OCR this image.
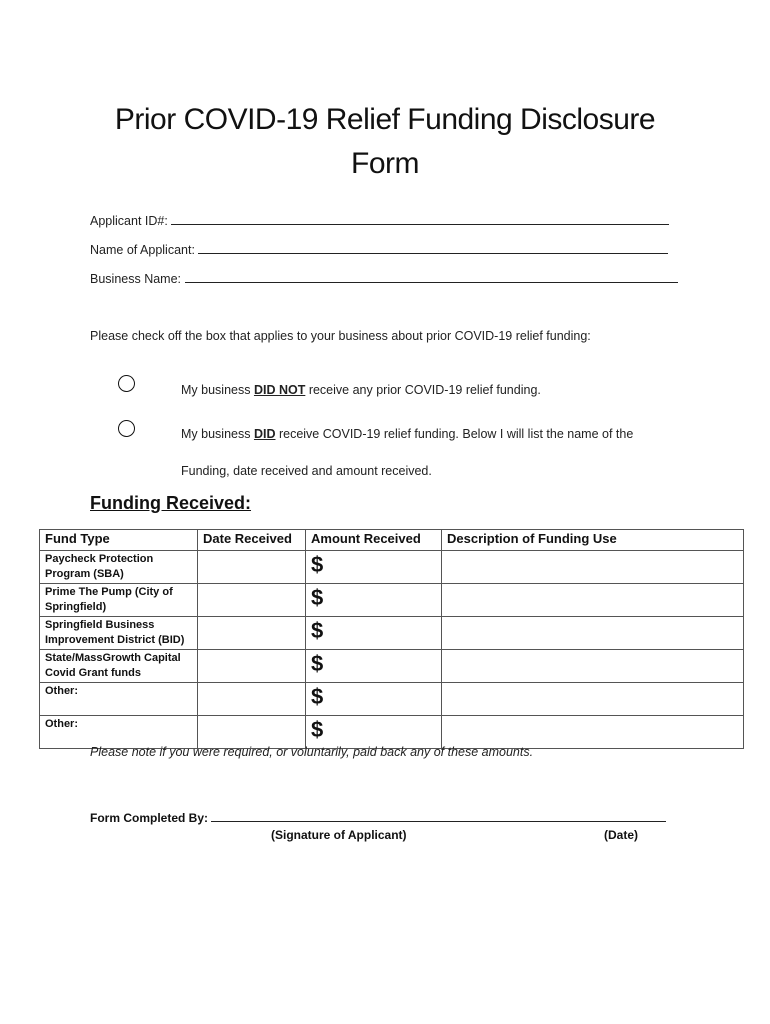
Prior COVID-19 Relief Funding Disclosure
Form
Applicant ID#:
Name of Applicant:
Business Name:
Please check off the box that applies to your business about prior COVID-19 relief funding:
My business DID NOT receive any prior COVID-19 relief funding.
My business DID receive COVID-19 relief funding. Below I will list the name of the
Funding, date received and amount received.
Funding Received:
Fund Type	Date Received	Amount Received	Description of Funding Use
Paycheck Protection Program (SBA)		$	
Prime The Pump (City of Springfield)		$	
Springfield Business Improvement District (BID)		$	
State/MassGrowth Capital Covid Grant funds		$	
Other:		$	
Other:		$	
Please note if you were required, or voluntarily, paid back any of these amounts.
Form Completed By:
(Signature of Applicant)	(Date)
